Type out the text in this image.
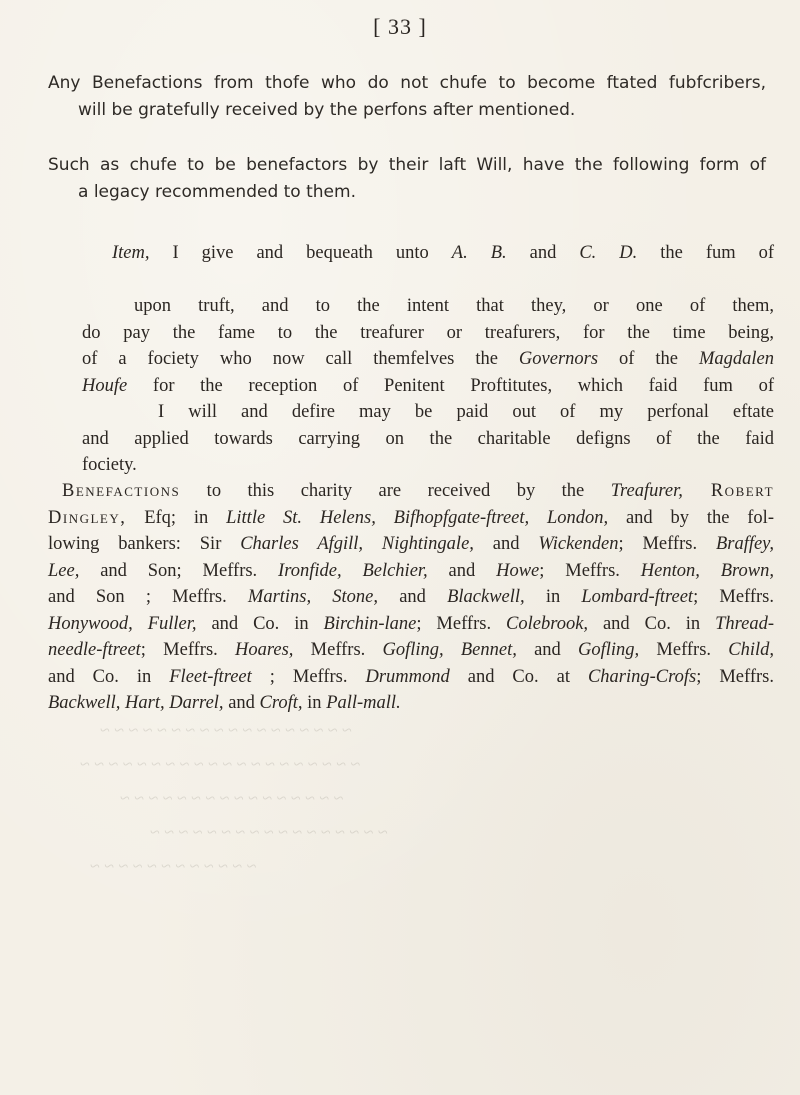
[ 33 ]
Any Benefactions from thofe who do not chufe to become ftated fubfcribers,
will be gratefully received by the perfons after mentioned.
Such as chufe to be benefactors by their laft Will, have the following form of
a legacy recommended to them.
Item, I give and bequeath unto A. B. and C. D. the fum of
upon truft, and to the intent that they, or one of them,
do pay the fame to the treafurer or treafurers, for the time being,
of a fociety who now call themfelves the Governors of the Magdalen
Houfe for the reception of Penitent Proftitutes, which faid fum of
I will and defire may be paid out of my perfonal eftate
and applied towards carrying on the charitable defigns of the faid
fociety.
Benefactions to this charity are received by the Treafurer, Robert
Dingley, Efq; in Little St. Helens, Bifhopfgate-ftreet, London, and by the fol-
lowing bankers: Sir Charles Afgill, Nightingale, and Wickenden; Meffrs. Braffey,
Lee, and Son; Meffrs. Ironfide, Belchier, and Howe; Meffrs. Henton, Brown,
and Son ; Meffrs. Martins, Stone, and Blackwell, in Lombard-ftreet; Meffrs.
Honywood, Fuller, and Co. in Birchin-lane; Meffrs. Colebrook, and Co. in Thread-
needle-ftreet; Meffrs. Hoares, Meffrs. Gofling, Bennet, and Gofling, Meffrs. Child,
and Co. in Fleet-ftreet ; Meffrs. Drummond and Co. at Charing-Crofs; Meffrs.
Backwell, Hart, Darrel, and Croft, in Pall-mall.
~ ~ ~ ~ ~ ~ ~ ~ ~ ~ ~ ~ ~ ~ ~ ~ ~ ~
~ ~ ~ ~ ~ ~ ~ ~ ~ ~ ~ ~ ~ ~ ~ ~ ~ ~ ~ ~
~ ~ ~ ~ ~ ~ ~ ~ ~ ~ ~ ~ ~ ~ ~ ~
~ ~ ~ ~ ~ ~ ~ ~ ~ ~ ~ ~ ~ ~ ~ ~ ~
~ ~ ~ ~ ~ ~ ~ ~ ~ ~ ~ ~
